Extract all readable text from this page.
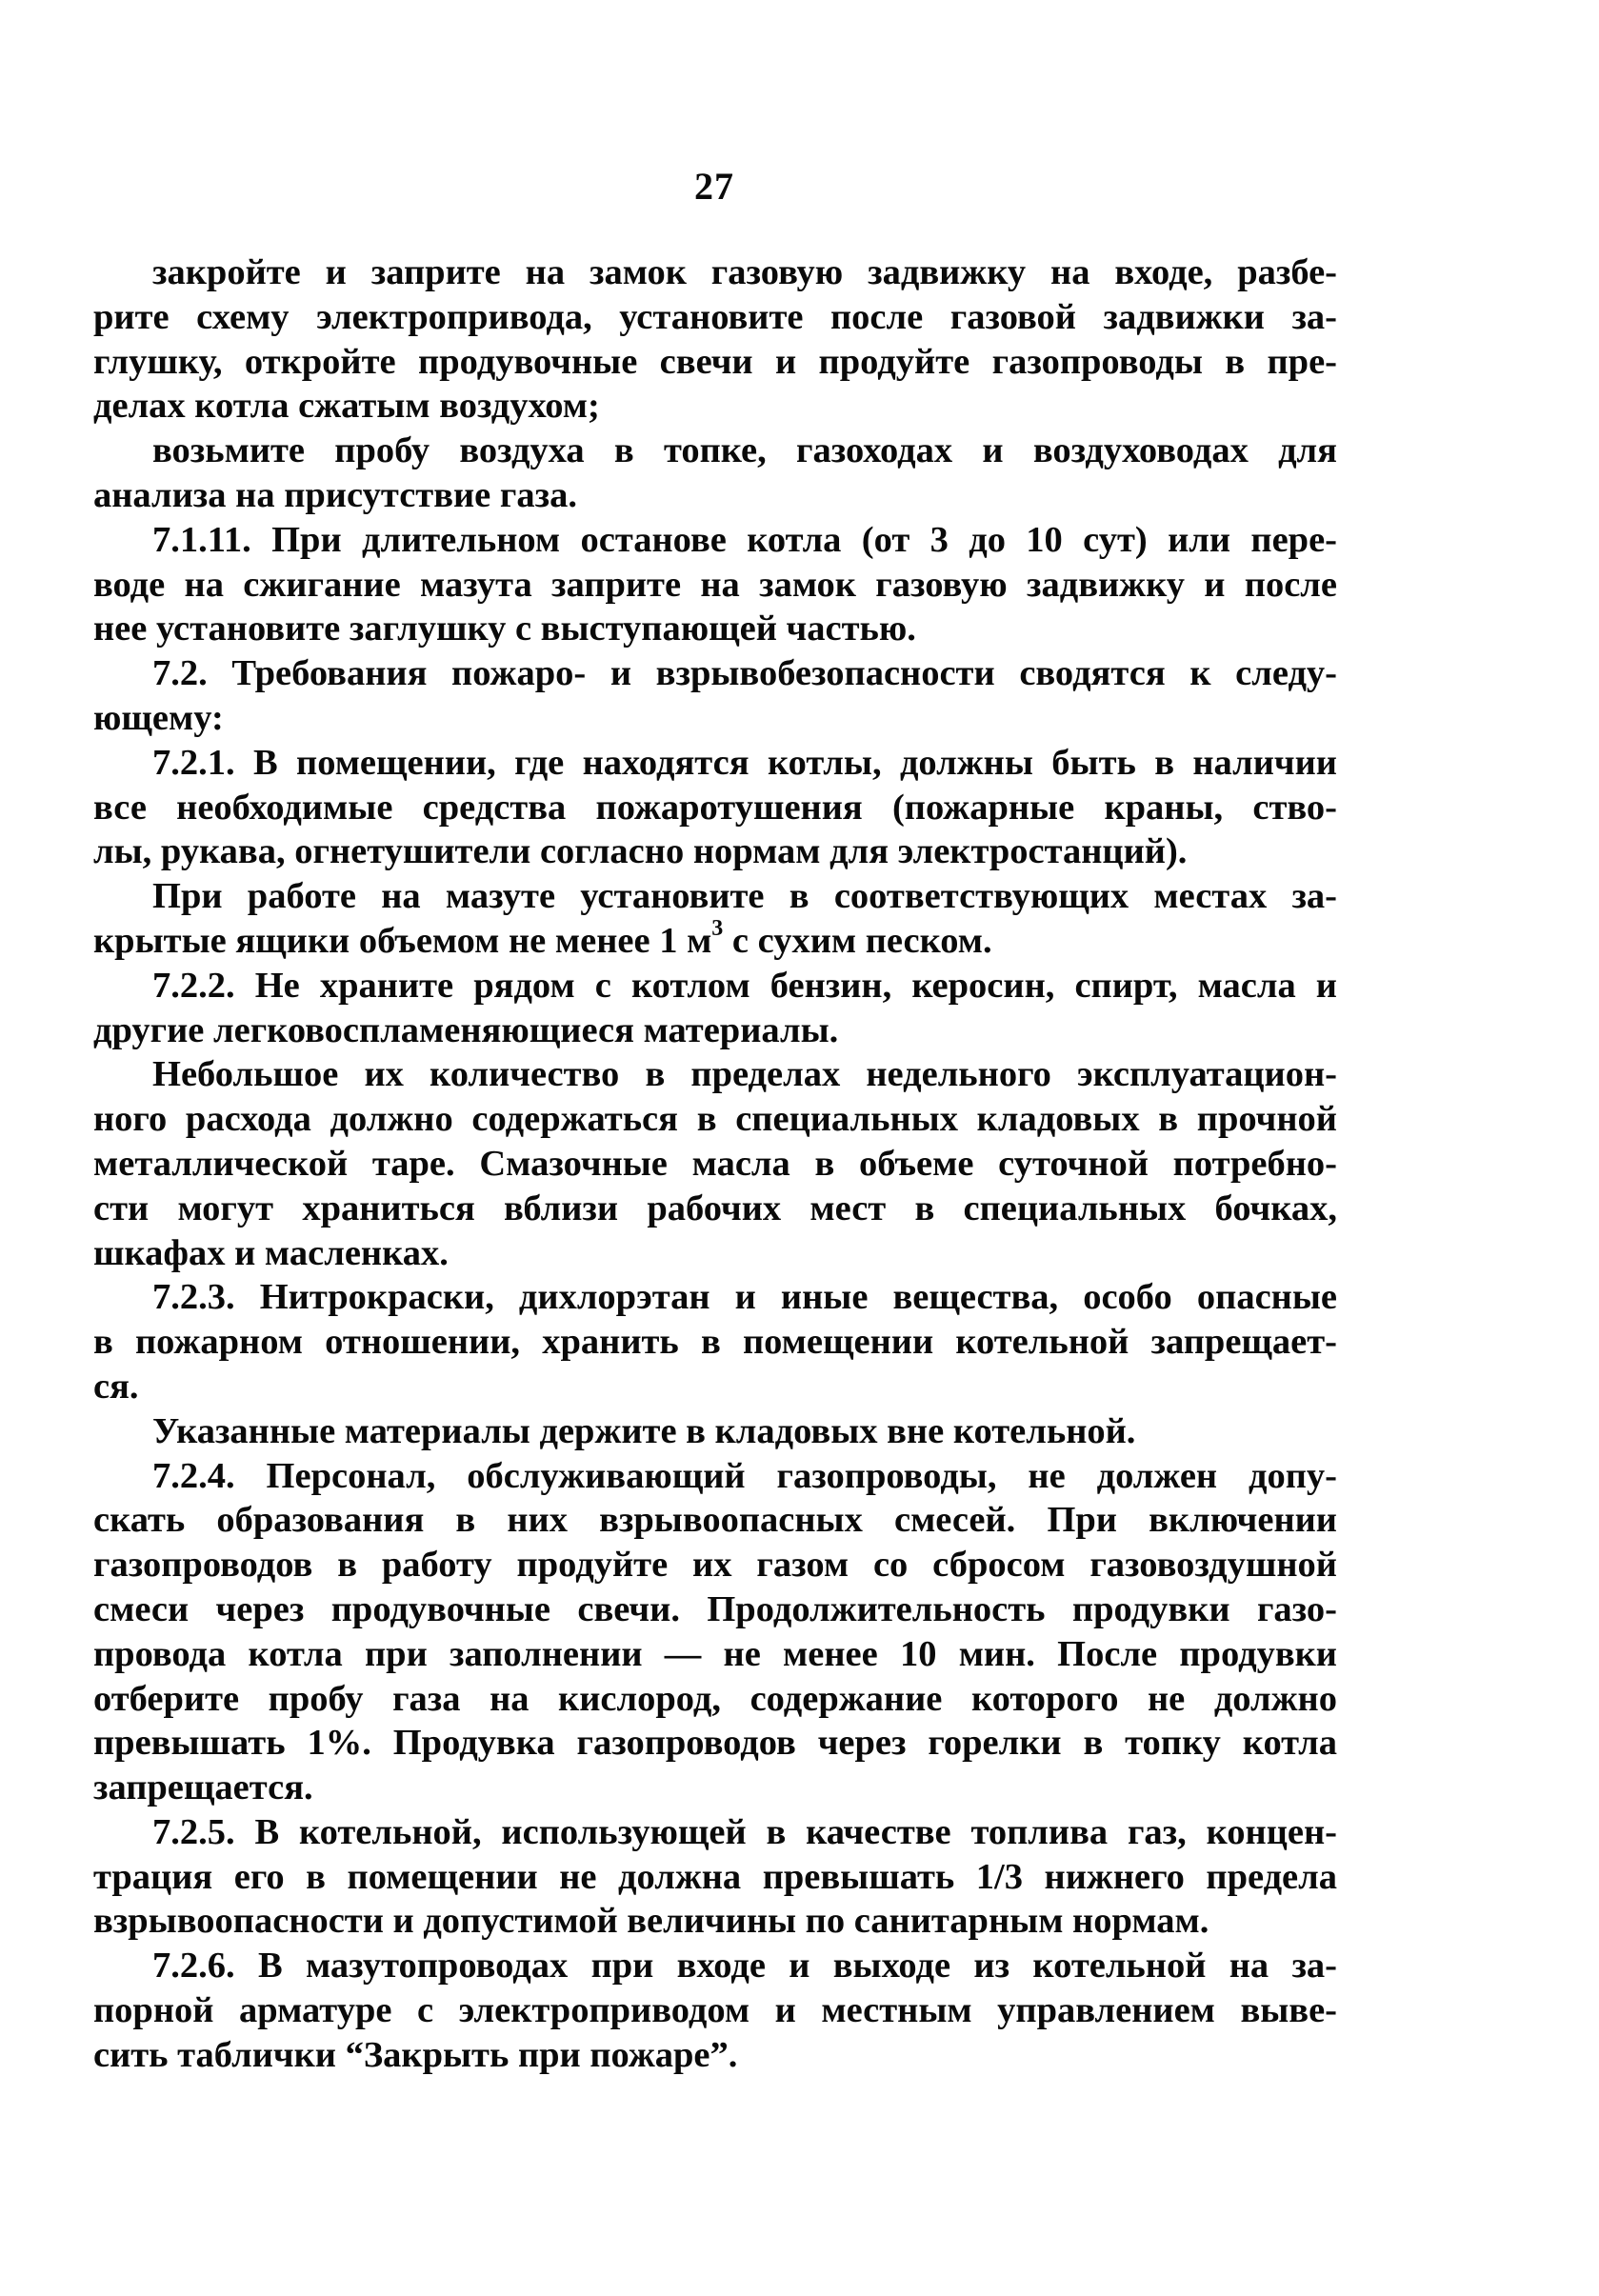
27
закройте и заприте на замок газовую задвижку на входе, разбе-
рите схему электропривода, установите после газовой задвижки за-
глушку, откройте продувочные свечи и продуйте газопроводы в пре-
делах котла сжатым воздухом;
возьмите пробу воздуха в топке, газоходах и воздуховодах для
анализа на присутствие газа.
7.1.11. При длительном останове котла (от 3 до 10 сут) или пере-
воде на сжигание мазута заприте на замок газовую задвижку и после
нее установите заглушку с выступающей частью.
7.2. Требования пожаро- и взрывобезопасности сводятся к следу-
ющему:
7.2.1. В помещении, где находятся котлы, должны быть в наличии
все необходимые средства пожаротушения (пожарные краны, ство-
лы, рукава, огнетушители согласно нормам для электростанций).
При работе на мазуте установите в соответствующих местах за-
крытые ящики объемом не менее 1 $м^3$ с сухим песком.
7.2.2. Не храните рядом с котлом бензин, керосин, спирт, масла и
другие легковоспламеняющиеся материалы.
Небольшое их количество в пределах недельного эксплуатацион-
ного расхода должно содержаться в специальных кладовых в прочной
металлической таре. Смазочные масла в объеме суточной потребно-
сти могут храниться вблизи рабочих мест в специальных бочках,
шкафах и масленках.
7.2.3. Нитрокраски, дихлорэтан и иные вещества, особо опасные
в пожарном отношении, хранить в помещении котельной запрещает-
ся.
Указанные материалы держите в кладовых вне котельной.
7.2.4. Персонал, обслуживающий газопроводы, не должен допу-
скать образования в них взрывоопасных смесей. При включении
газопроводов в работу продуйте их газом со сбросом газовоздушной
смеси через продувочные свечи. Продолжительность продувки газо-
провода котла при заполнении — не менее 10 мин. После продувки
отберите пробу газа на кислород, содержание которого не должно
превышать 1%. Продувка газопроводов через горелки в топку котла
запрещается.
7.2.5. В котельной, использующей в качестве топлива газ, концен-
трация его в помещении не должна превышать 1/3 нижнего предела
взрывоопасности и допустимой величины по санитарным нормам.
7.2.6. В мазутопроводах при входе и выходе из котельной на за-
порной арматуре с электроприводом и местным управлением выве-
сить таблички “Закрыть при пожаре”.
